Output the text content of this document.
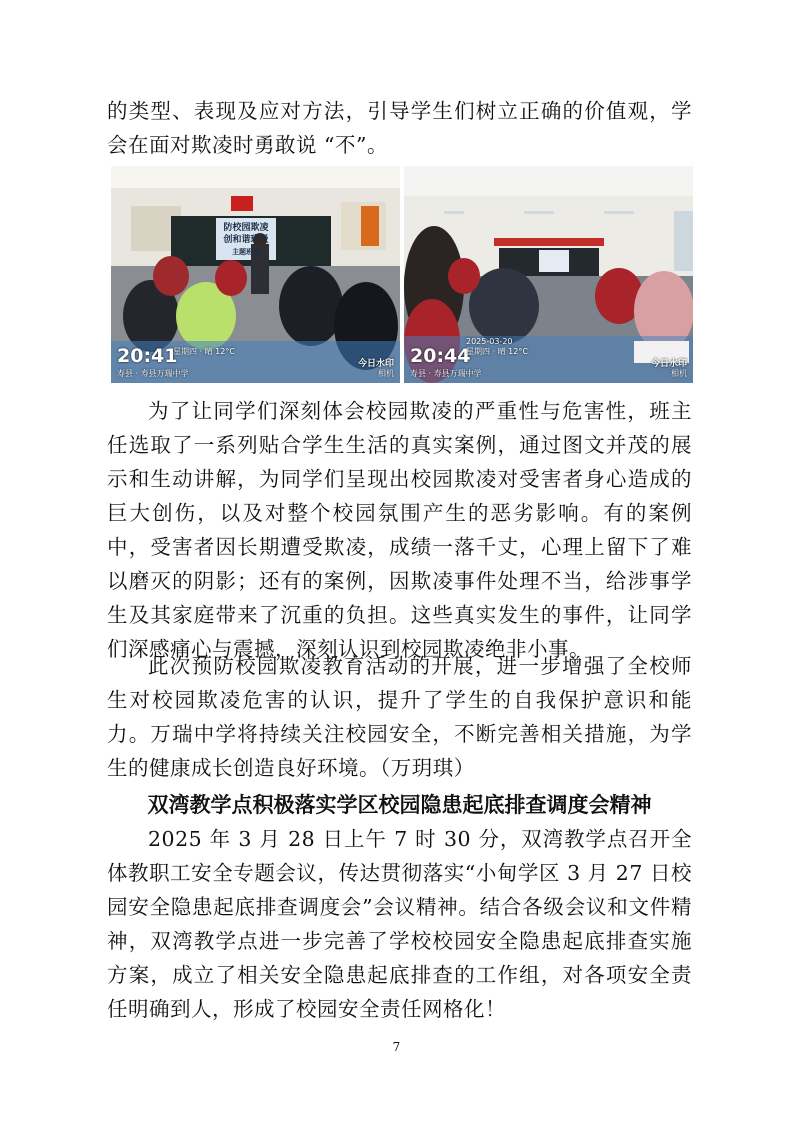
的类型、表现及应对方法，引导学生们树立正确的价值观，学会在面对欺凌时勇敢说 “不”。

防校园欺凌
创和谐班级
主题班会
20:41
星期四 · 晴 12°C
寿县 · 寿县万瑞中学
今日水印
相机
20:44
2025-03-20
星期四 · 晴 12°C
寿县 · 寿县万瑞中学
今日水印
相机

为了让同学们深刻体会校园欺凌的严重性与危害性，班主任选取了一系列贴合学生生活的真实案例，通过图文并茂的展示和生动讲解，为同学们呈现出校园欺凌对受害者身心造成的巨大创伤，以及对整个校园氛围产生的恶劣影响。有的案例中，受害者因长期遭受欺凌，成绩一落千丈，心理上留下了难以磨灭的阴影；还有的案例，因欺凌事件处理不当，给涉事学生及其家庭带来了沉重的负担。这些真实发生的事件，让同学们深感痛心与震撼，深刻认识到校园欺凌绝非小事。

此次预防校园欺凌教育活动的开展，进一步增强了全校师生对校园欺凌危害的认识，提升了学生的自我保护意识和能力。万瑞中学将持续关注校园安全，不断完善相关措施，为学生的健康成长创造良好环境。（万玥琪）

双湾教学点积极落实学区校园隐患起底排查调度会精神

2025 年 3 月 28 日上午 7 时 30 分，双湾教学点召开全体教职工安全专题会议，传达贯彻落实“小甸学区 3 月 27 日校园安全隐患起底排查调度会”会议精神。结合各级会议和文件精神，双湾教学点进一步完善了学校校园安全隐患起底排查实施方案，成立了相关安全隐患起底排查的工作组，对各项安全责任明确到人，形成了校园安全责任网格化！

7
